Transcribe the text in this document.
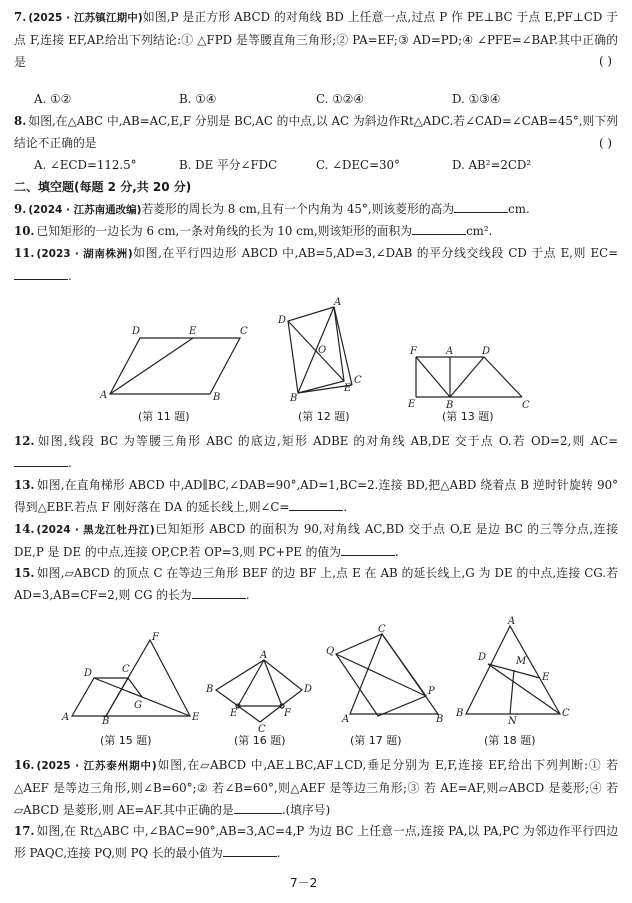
7. (2025 · 江苏镇江期中)如图,P 是正方形 ABCD 的对角线 BD 上任意一点,过点 P 作 PE⊥BC 于点 E,PF⊥CD 于点 F,连接 EF,AP.给出下列结论:① △FPD 是等腰直角三角形;② PA=EF;③ AD=PD;④ ∠PFE=∠BAP.其中正确的是	( )
A. ①②	B. ①④	C. ①②④	D. ①③④
8. 如图,在△ABC 中,AB=AC,E,F 分别是 BC,AC 的中点,以 AC 为斜边作Rt△ADC.若∠CAD=∠CAB=45°,则下列结论不正确的是	( )
A. ∠ECD=112.5°	B. DE 平分∠FDC	C. ∠DEC=30°	D. AB²=2CD²
二、填空题(每题 2 分,共 20 分)
9. (2024 · 江苏南通改编)若菱形的周长为 8 cm,且有一个内角为 45°,则该菱形的高为	cm.
10. 已知矩形的一边长为 6 cm,一条对角线的长为 10 cm,则该矩形的面积为	cm².
11. (2023 · 湖南株洲)如图,在平行四边形 ABCD 中,AB=5,AD=3,∠DAB 的平分线交线段 CD 于点 E,则 EC=.
D	E	C
A	B
(第 11 题)
A
D
O
E
C
B
(第 12 题)
F	A	D
E	B	C
(第 13 题)
12. 如图,线段 BC 为等腰三角形 ABC 的底边,矩形 ADBE 的对角线 AB,DE 交于点 O.若 OD=2,则 AC=.
13. 如图,在直角梯形 ABCD 中,AD∥BC,∠DAB=90°,AD=1,BC=2.连接 BD,把△ABD 绕着点 B 逆时针旋转 90°得到△EBF.若点 F 刚好落在 DA 的延长线上,则∠C=	.
14. (2024 · 黑龙江牡丹江)已知矩形 ABCD 的面积为 90,对角线 AC,BD 交于点 O,E 是边 BC 的三等分点,连接 DE,P 是 DE 的中点,连接 OP,CP.若 OP=3,则 PC+PE 的值为	.
15. 如图,▱ABCD 的顶点 C 在等边三角形 BEF 的边 BF 上,点 E 在 AB 的延长线上,G 为 DE 的中点,连接 CG.若 AD=3,AB=CF=2,则 CG 的长为	.
F
D	C
G
A	B	E
(第 15 题)
A
B	D
E	F
C
(第 16 题)
C
Q
P
A	B
(第 17 题)
A
D	M
E
B
N
C
(第 18 题)
16. (2025 · 江苏泰州期中)如图,在▱ABCD 中,AE⊥BC,AF⊥CD,垂足分别为 E,F,连接 EF,给出下列判断:① 若△AEF 是等边三角形,则∠B=60°;② 若∠B=60°,则△AEF 是等边三角形;③ 若 AE=AF,则▱ABCD 是菱形;④ 若▱ABCD 是菱形,则 AE=AF.其中正确的是	.(填序号)
17. 如图,在 Rt△ABC 中,∠BAC=90°,AB=3,AC=4,P 为边 BC 上任意一点,连接 PA,以 PA,PC 为邻边作平行四边形 PAQC,连接 PQ,则 PQ 长的最小值为	.
7－2
